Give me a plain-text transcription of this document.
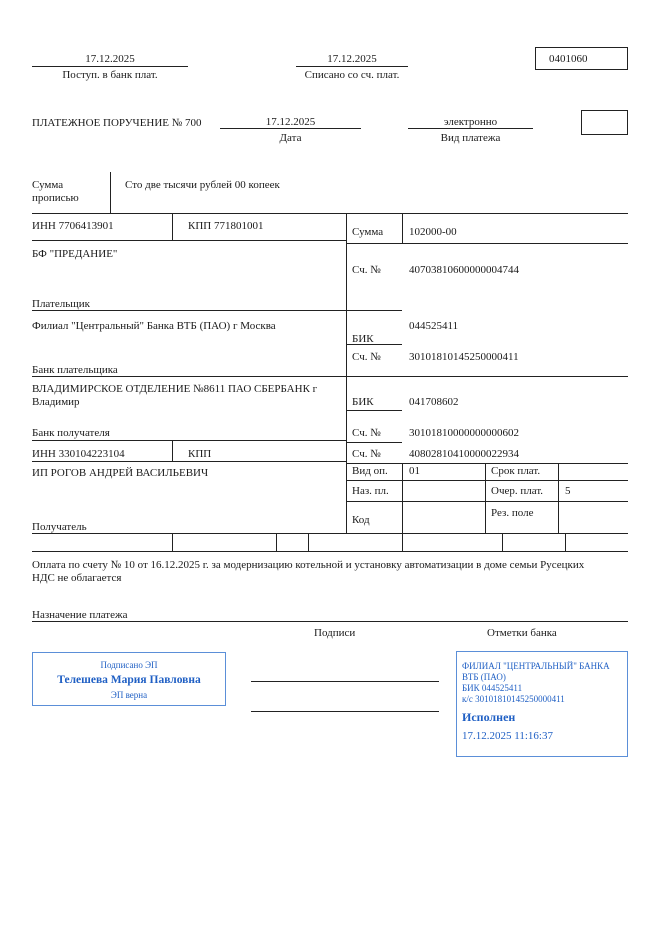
17.12.2025
Поступ. в банк плат.
17.12.2025
Списано со сч. плат.
0401060
ПЛАТЕЖНОЕ ПОРУЧЕНИЕ № 700	17.12.2025
Дата
электронно
Вид платежа
Сумма прописью
Сто две тысячи рублей 00 копеек
ИНН 7706413901	КПП 771801001	Сумма 102000-00
БФ "ПРЕДАНИЕ"
Сч. №	40703810600000004744
Плательщик
Филиал "Центральный" Банка ВТБ (ПАО) г Москва	044525411
БИК
Сч. №	30101810145250000411
Банк плательщика
ВЛАДИМИРСКОЕ ОТДЕЛЕНИЕ №8611 ПАО СБЕРБАНК г Владимир	БИК	041708602
Сч. №	30101810000000000602
Банк получателя
ИНН 330104223104	КПП	Сч. №	40802810410000022934
ИП РОГОВ АНДРЕЙ ВАСИЛЬЕВИЧ	Вид оп. 01	Срок плат.
Наз. пл.	Очер. плат. 5
Рез. поле
Код
Получатель
Оплата по счету № 10 от 16.12.2025 г. за модернизацию котельной и установку автоматизации в доме семьи Русецких НДС не облагается
Назначение платежа
Подписи	Отметки банка
Подписано ЭП
Телешева Мария Павловна
ЭП верна
ФИЛИАЛ "ЦЕНТРАЛЬНЫЙ" БАНКА
ВТБ (ПАО)
БИК 044525411
к/с 30101810145250000411
Исполнен
17.12.2025 11:16:37
